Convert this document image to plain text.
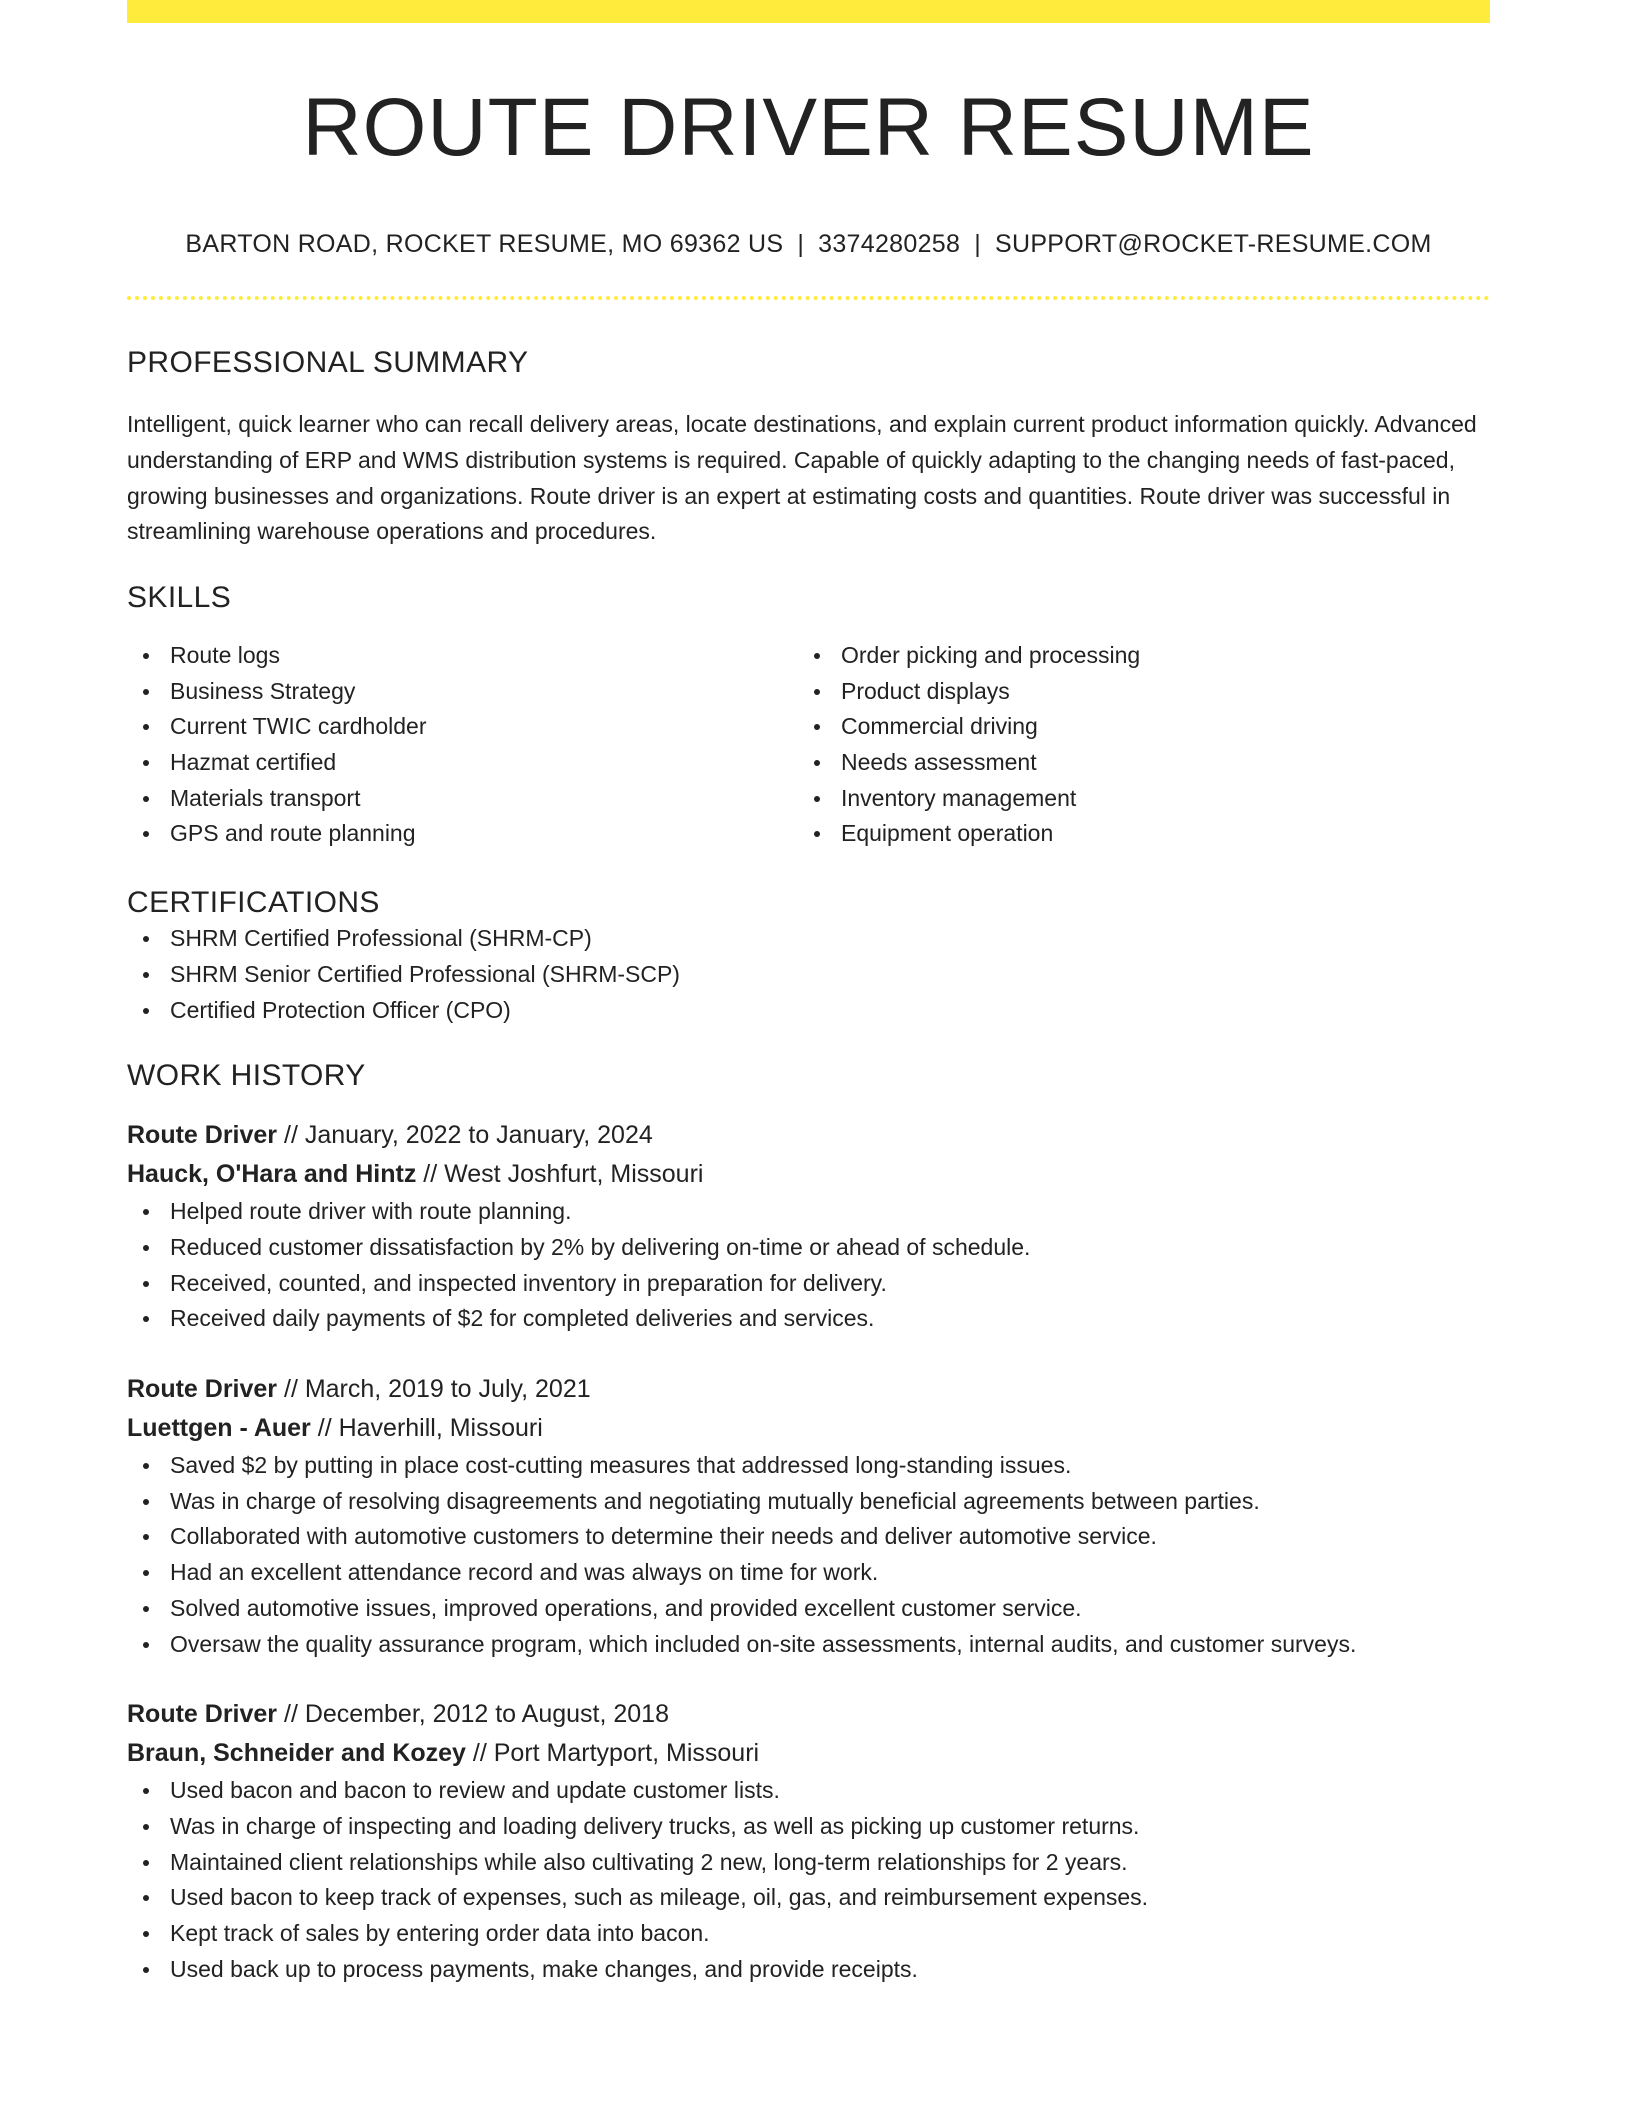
ROUTE DRIVER RESUME
BARTON ROAD, ROCKET RESUME, MO 69362 US | 3374280258 | SUPPORT@ROCKET-RESUME.COM
PROFESSIONAL SUMMARY

Intelligent, quick learner who can recall delivery areas, locate destinations, and explain current product information quickly. Advanced understanding of ERP and WMS distribution systems is required. Capable of quickly adapting to the changing needs of fast-paced, growing businesses and organizations. Route driver is an expert at estimating costs and quantities. Route driver was successful in streamlining warehouse operations and procedures.

SKILLS
Route logs
Business Strategy
Current TWIC cardholder
Hazmat certified
Materials transport
GPS and route planning
Order picking and processing
Product displays
Commercial driving
Needs assessment
Inventory management
Equipment operation
CERTIFICATIONS
SHRM Certified Professional (SHRM-CP)
SHRM Senior Certified Professional (SHRM-SCP)
Certified Protection Officer (CPO)
WORK HISTORY
Route Driver // January, 2022 to January, 2024
Hauck, O'Hara and Hintz // West Joshfurt, Missouri
Helped route driver with route planning.
Reduced customer dissatisfaction by 2% by delivering on-time or ahead of schedule.
Received, counted, and inspected inventory in preparation for delivery.
Received daily payments of $2 for completed deliveries and services.
Route Driver // March, 2019 to July, 2021
Luettgen - Auer // Haverhill, Missouri
Saved $2 by putting in place cost-cutting measures that addressed long-standing issues.
Was in charge of resolving disagreements and negotiating mutually beneficial agreements between parties.
Collaborated with automotive customers to determine their needs and deliver automotive service.
Had an excellent attendance record and was always on time for work.
Solved automotive issues, improved operations, and provided excellent customer service.
Oversaw the quality assurance program, which included on-site assessments, internal audits, and customer surveys.
Route Driver // December, 2012 to August, 2018
Braun, Schneider and Kozey // Port Martyport, Missouri
Used bacon and bacon to review and update customer lists.
Was in charge of inspecting and loading delivery trucks, as well as picking up customer returns.
Maintained client relationships while also cultivating 2 new, long-term relationships for 2 years.
Used bacon to keep track of expenses, such as mileage, oil, gas, and reimbursement expenses.
Kept track of sales by entering order data into bacon.
Used back up to process payments, make changes, and provide receipts.
